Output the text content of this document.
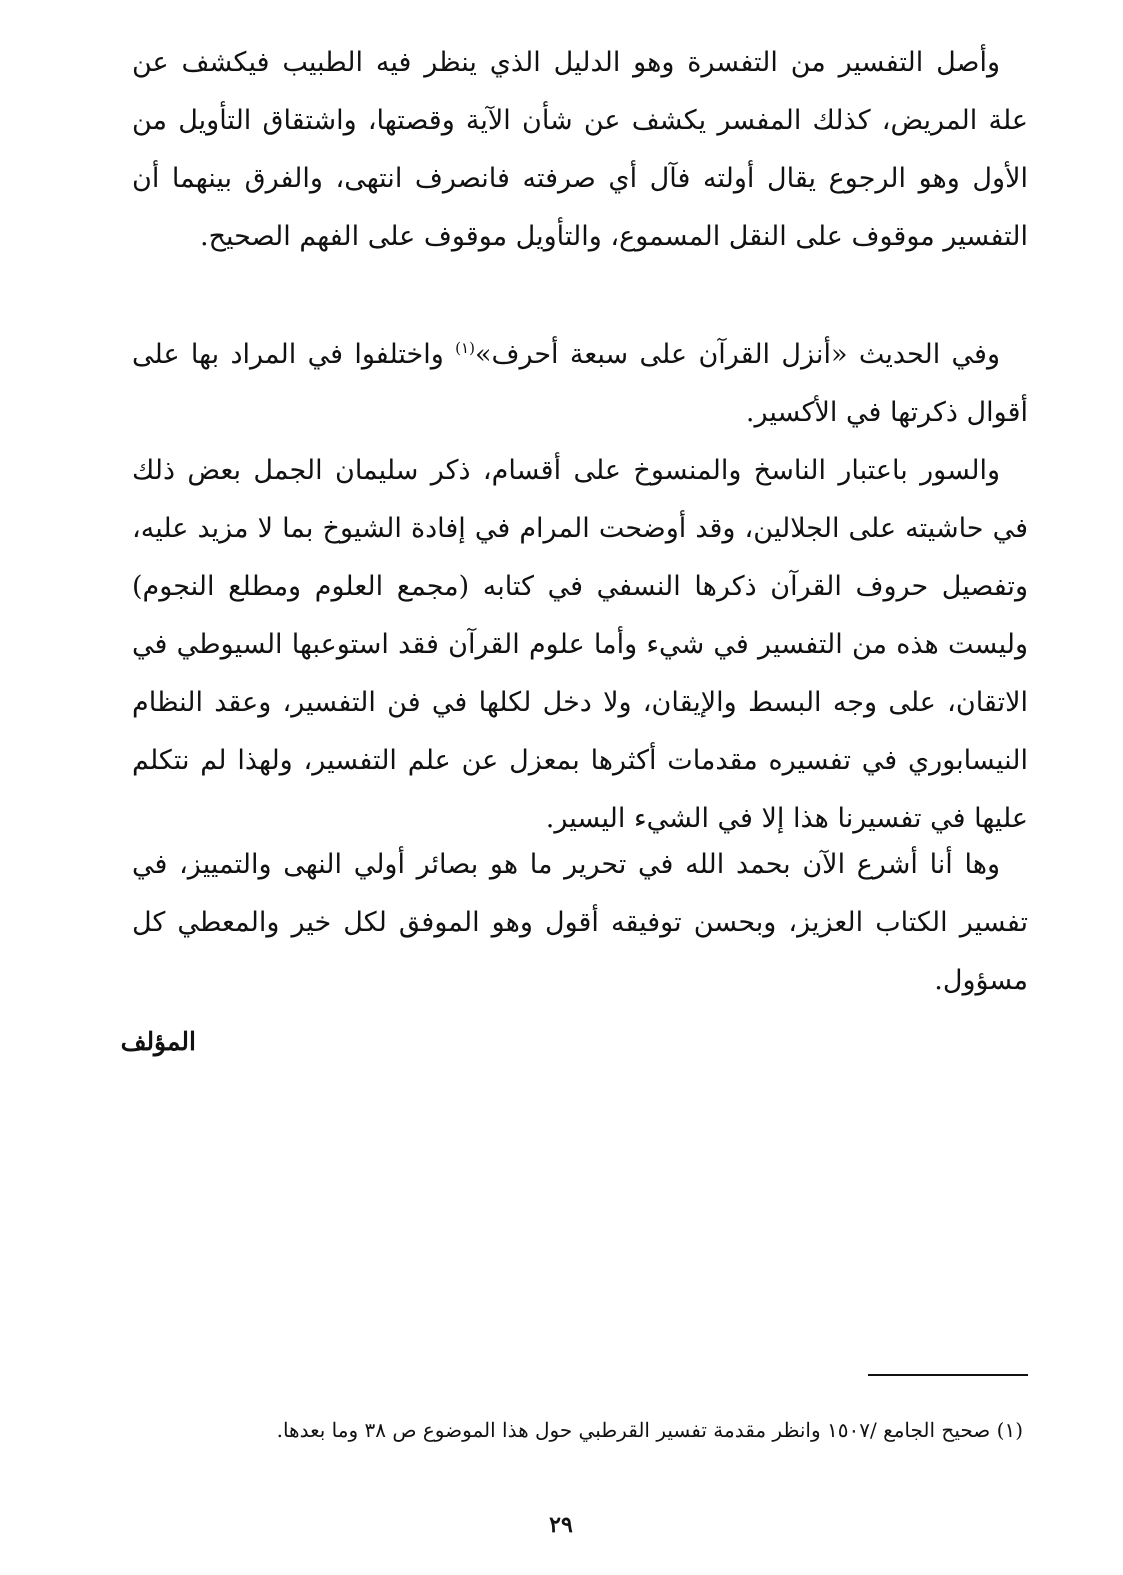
وأصل التفسير من التفسرة وهو الدليل الذي ينظر فيه الطبيب فيكشف عن علة المريض، كذلك المفسر يكشف عن شأن الآية وقصتها، واشتقاق التأويل من الأول وهو الرجوع يقال أولته فآل أي صرفته فانصرف انتهى، والفرق بينهما أن التفسير موقوف على النقل المسموع، والتأويل موقوف على الفهم الصحيح.

وفي الحديث «أنزل القرآن على سبعة أحرف»$^{(١)}$ واختلفوا في المراد بها على أقوال ذكرتها في الأكسير.

والسور باعتبار الناسخ والمنسوخ على أقسام، ذكر سليمان الجمل بعض ذلك في حاشيته على الجلالين، وقد أوضحت المرام في إفادة الشيوخ بما لا مزيد عليه، وتفصيل حروف القرآن ذكرها النسفي في كتابه (مجمع العلوم ومطلع النجوم) وليست هذه من التفسير في شيء وأما علوم القرآن فقد استوعبها السيوطي في الاتقان، على وجه البسط والإيقان، ولا دخل لكلها في فن التفسير، وعقد النظام النيسابوري في تفسيره مقدمات أكثرها بمعزل عن علم التفسير، ولهذا لم نتكلم عليها في تفسيرنا هذا إلا في الشيء اليسير.

وها أنا أشرع الآن بحمد الله في تحرير ما هو بصائر أولي النهى والتمييز، في تفسير الكتاب العزيز، وبحسن توفيقه أقول وهو الموفق لكل خير والمعطي كل مسؤول.

المؤلف

(١) صحيح الجامع /١٥٠٧ وانظر مقدمة تفسير القرطبي حول هذا الموضوع ص ٣٨ وما بعدها.

٢٩
